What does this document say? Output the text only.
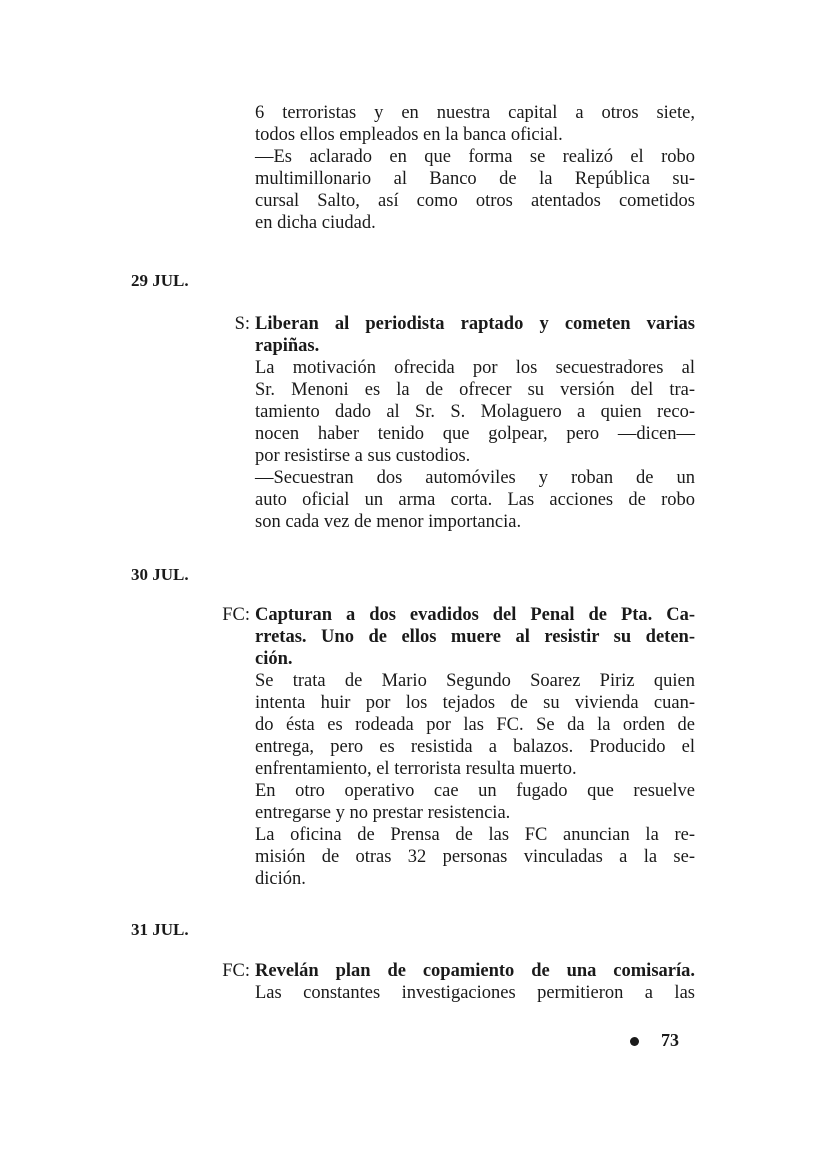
6 terroristas y en nuestra capital a otros siete,
todos ellos empleados en la banca oficial.
—Es aclarado en que forma se realizó el robo
multimillonario al Banco de la República su-
cursal Salto, así como otros atentados cometidos
en dicha ciudad.
29 JUL.
S: Liberan al periodista raptado y cometen varias
rapiñas.
La motivación ofrecida por los secuestradores al
Sr. Menoni es la de ofrecer su versión del tra-
tamiento dado al Sr. S. Molaguero a quien reco-
nocen haber tenido que golpear, pero —dicen—
por resistirse a sus custodios.
—Secuestran dos automóviles y roban de un
auto oficial un arma corta. Las acciones de robo
son cada vez de menor importancia.
30 JUL.
FC: Capturan a dos evadidos del Penal de Pta. Ca-
rretas. Uno de ellos muere al resistir su deten-
ción.
Se trata de Mario Segundo Soarez Piriz quien
intenta huir por los tejados de su vivienda cuan-
do ésta es rodeada por las FC. Se da la orden de
entrega, pero es resistida a balazos. Producido el
enfrentamiento, el terrorista resulta muerto.
En otro operativo cae un fugado que resuelve
entregarse y no prestar resistencia.
La oficina de Prensa de las FC anuncian la re-
misión de otras 32 personas vinculadas a la se-
dición.
31 JUL.
FC: Revelán plan de copamiento de una comisaría.
Las constantes investigaciones permitieron a las
73
